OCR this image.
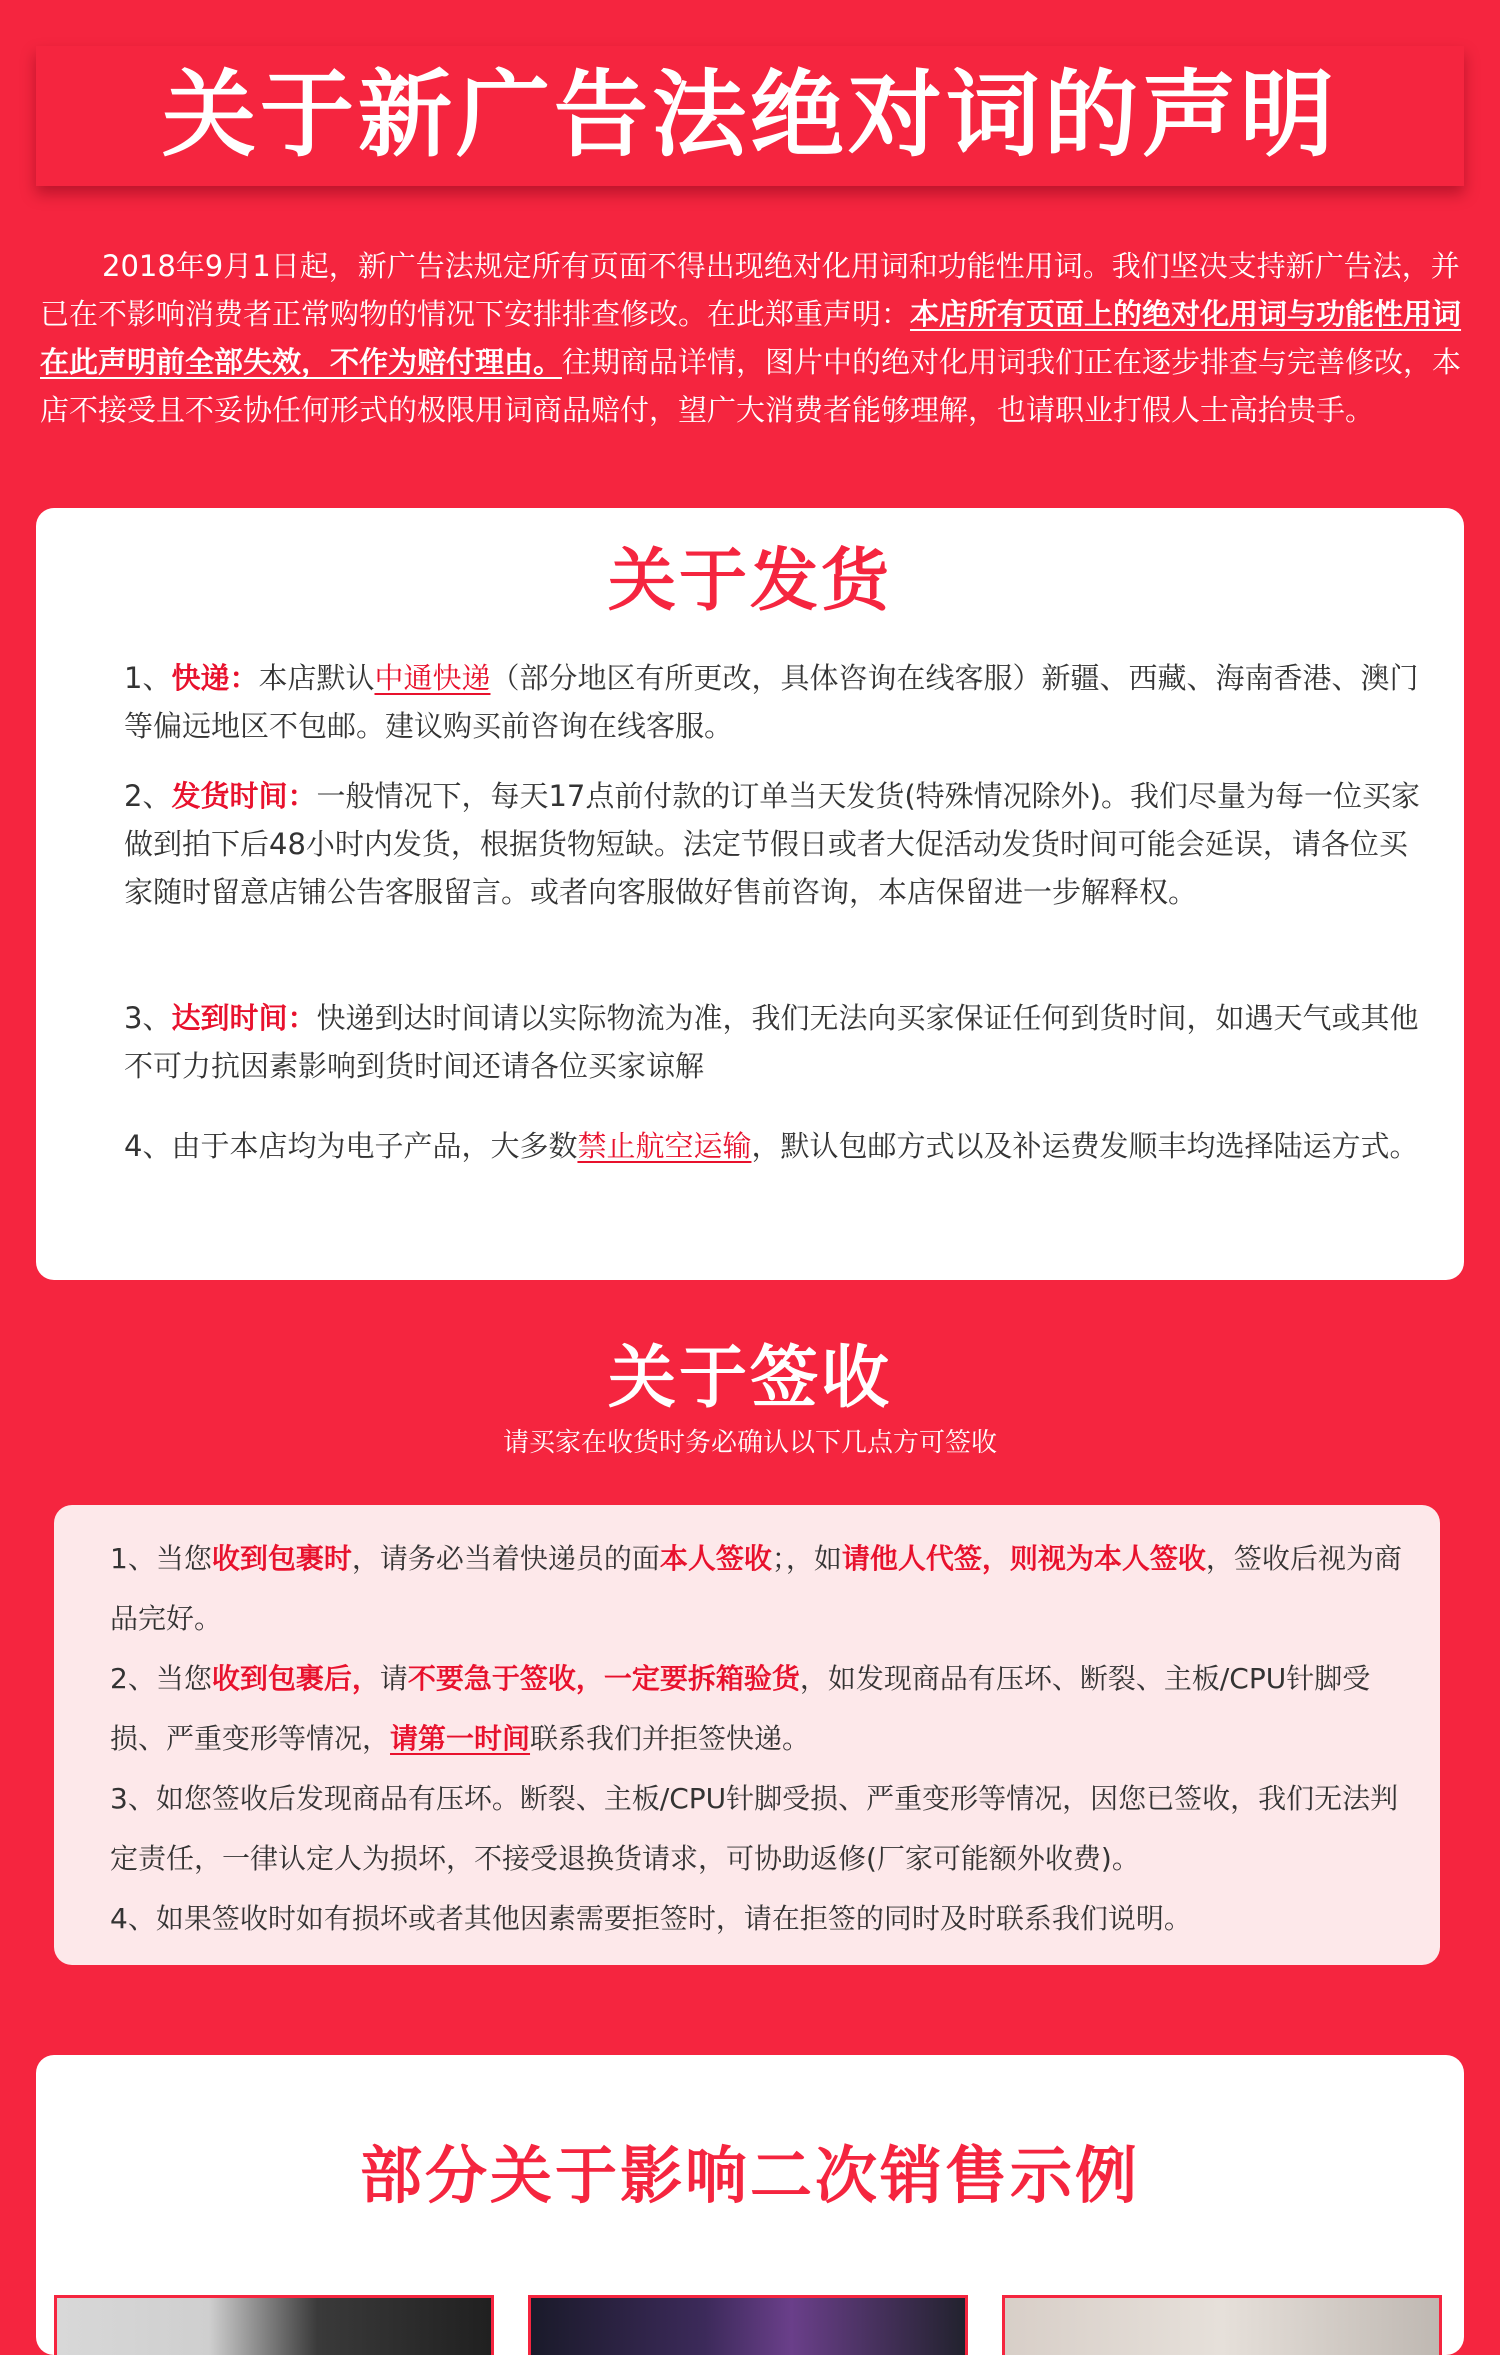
关于新广告法绝对词的声明

2018年9月1日起，新广告法规定所有页面不得出现绝对化用词和功能性用词。我们坚决支持新广告法，并已在不影响消费者正常购物的情况下安排排查修改。在此郑重声明：本店所有页面上的绝对化用词与功能性用词在此声明前全部失效，不作为赔付理由。往期商品详情，图片中的绝对化用词我们正在逐步排查与完善修改，本店不接受且不妥协任何形式的极限用词商品赔付，望广大消费者能够理解，也请职业打假人士高抬贵手。

关于发货

1、快递：本店默认中通快递（部分地区有所更改，具体咨询在线客服）新疆、西藏、海南香港、澳门等偏远地区不包邮。建议购买前咨询在线客服。

2、发货时间：一般情况下，每天17点前付款的订单当天发货(特殊情况除外)。我们尽量为每一位买家做到拍下后48小时内发货，根据货物短缺。法定节假日或者大促活动发货时间可能会延误，请各位买家随时留意店铺公告客服留言。或者向客服做好售前咨询，本店保留进一步解释权。

3、达到时间：快递到达时间请以实际物流为准，我们无法向买家保证任何到货时间，如遇天气或其他不可力抗因素影响到货时间还请各位买家谅解

4、由于本店均为电子产品，大多数禁止航空运输，默认包邮方式以及补运费发顺丰均选择陆运方式。

关于签收

请买家在收货时务必确认以下几点方可签收

1、当您收到包裹时，请务必当着快递员的面本人签收；，如请他人代签，则视为本人签收，签收后视为商品完好。

2、当您收到包裹后，请不要急于签收，一定要拆箱验货，如发现商品有压坏、断裂、主板/CPU针脚受损、严重变形等情况，请第一时间联系我们并拒签快递。

3、如您签收后发现商品有压坏。断裂、主板/CPU针脚受损、严重变形等情况，因您已签收，我们无法判定责任，一律认定人为损坏，不接受退换货请求，可协助返修(厂家可能额外收费)。

4、如果签收时如有损坏或者其他因素需要拒签时，请在拒签的同时及时联系我们说明。

部分关于影响二次销售示例
